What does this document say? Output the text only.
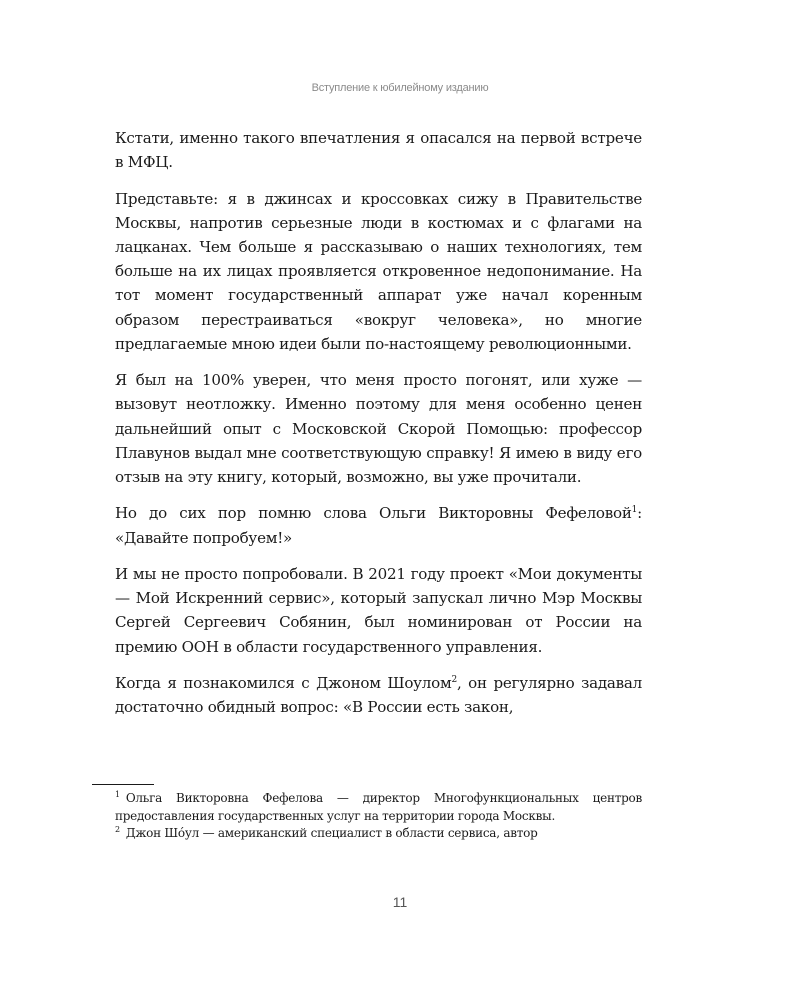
Вступление к юбилейному изданию

Кстати, именно такого впечатления я опасался на первой встрече в МФЦ.

Представьте: я в джинсах и кроссовках сижу в Правительстве Москвы, напротив серьезные люди в костюмах и с флагами на лацканах. Чем больше я рассказываю о наших технологиях, тем больше на их лицах проявляется откровенное недопонимание. На тот момент государственный аппарат уже начал коренным образом перестраиваться «вокруг человека», но многие предлагаемые мною идеи были по-настоящему революционными.

Я был на 100% уверен, что меня просто погонят, или хуже — вызовут неотложку. Именно поэтому для меня особенно ценен дальнейший опыт с Московской Скорой Помощью: профессор Плавунов выдал мне соответствующую справку! Я имею в виду его отзыв на эту книгу, который, возможно, вы уже прочитали.

Но до сих пор помню слова Ольги Викторовны Фефеловой$^1$: «Давайте попробуем!»

И мы не просто попробовали. В 2021 году проект «Мои документы — Мой Искренний сервис», который запускал лично Мэр Москвы Сергей Сергеевич Собянин, был номинирован от России на премию ООН в области государственного управления.

Когда я познакомился с Джоном Шоулом$^2$, он регулярно задавал достаточно обидный вопрос: «В России есть закон,

$^1$ Ольга Викторовна Фефелова — директор Многофункциональных центров предоставления государственных услуг на территории города Москвы.

$^2$ Джон Шóул — американский специалист в области сервиса, автор

11
